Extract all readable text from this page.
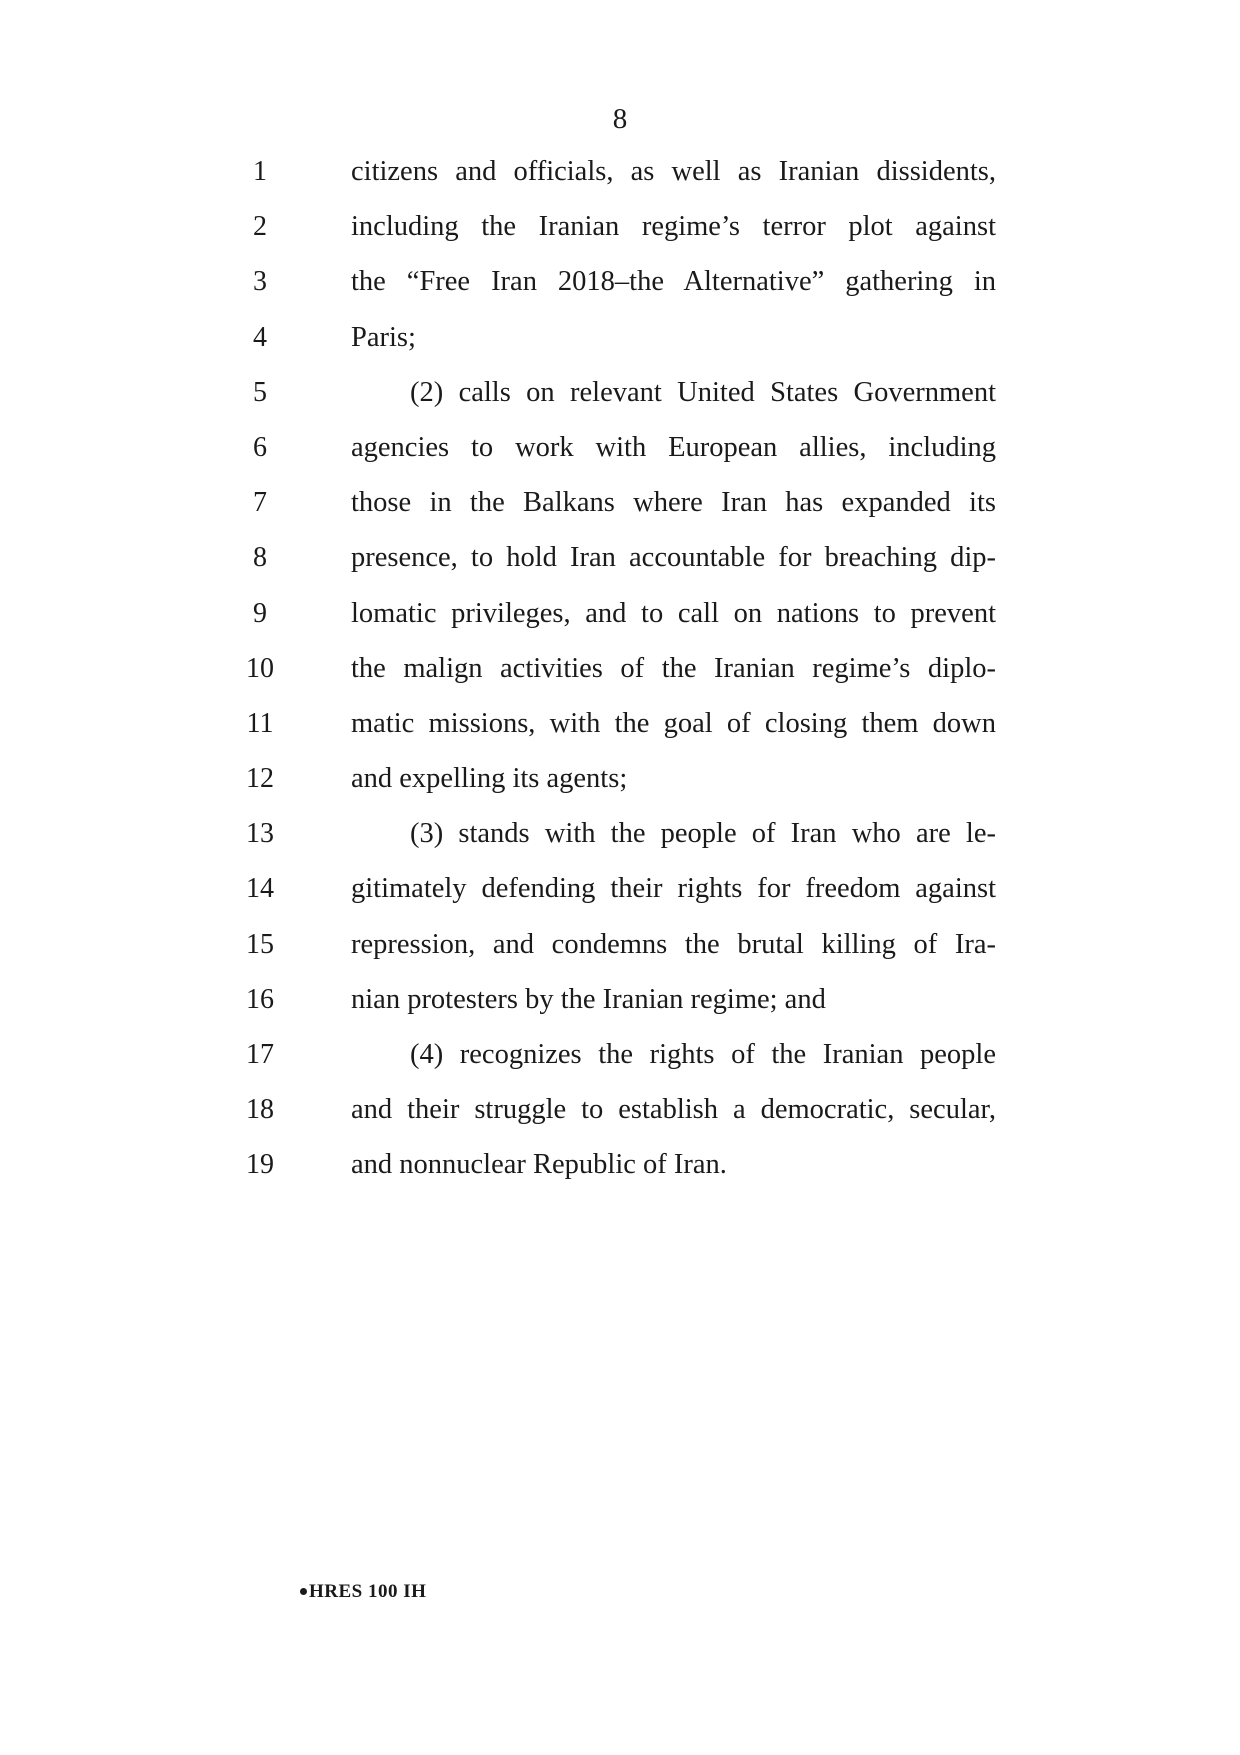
8
1	citizens and officials, as well as Iranian dissidents,
2	including the Iranian regime’s terror plot against
3	the “Free Iran 2018–the Alternative” gathering in
4	Paris;
5	(2) calls on relevant United States Government
6	agencies to work with European allies, including
7	those in the Balkans where Iran has expanded its
8	presence, to hold Iran accountable for breaching dip-
9	lomatic privileges, and to call on nations to prevent
10	the malign activities of the Iranian regime’s diplo-
11	matic missions, with the goal of closing them down
12	and expelling its agents;
13	(3) stands with the people of Iran who are le-
14	gitimately defending their rights for freedom against
15	repression, and condemns the brutal killing of Ira-
16	nian protesters by the Iranian regime; and
17	(4) recognizes the rights of the Iranian people
18	and their struggle to establish a democratic, secular,
19	and nonnuclear Republic of Iran.
HRES 100 IH
